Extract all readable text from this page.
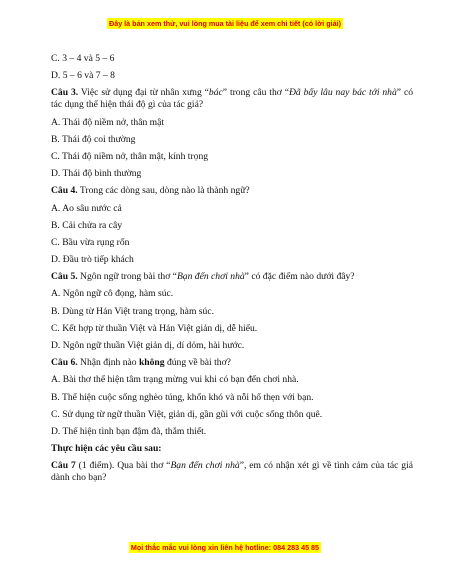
Đây là bản xem thử, vui lòng mua tài liệu để xem chi tiết (có lời giải)

C. 3 – 4 và 5 – 6

D. 5 – 6 và 7 – 8

Câu 3. Việc sử dụng đại từ nhân xưng “bác” trong câu thơ “Đã bấy lâu nay bác tới nhà” có tác dụng thể hiện thái độ gì của tác giả?

A. Thái độ niềm nở, thân mật

B. Thái độ coi thường

C. Thái độ niềm nở, thân mật, kính trọng

D. Thái độ bình thường

Câu 4. Trong các dòng sau, dòng nào là thành ngữ?

A. Ao sâu nước cả

B. Cải chửa ra cây

C. Bầu vừa rụng rốn

D. Đầu trò tiếp khách

Câu 5. Ngôn ngữ trong bài thơ “Bạn đến chơi nhà” có đặc điểm nào dưới đây?

A. Ngôn ngữ cô đọng, hàm súc.

B. Dùng từ Hán Việt trang trọng, hàm súc.

C. Kết hợp từ thuần Việt và Hán Việt giản dị, dễ hiểu.

D. Ngôn ngữ thuần Việt giản dị, dí dỏm, hài hước.

Câu 6. Nhận định nào không đúng về bài thơ?

A. Bài thơ thể hiện tâm trạng mừng vui khi có bạn đến chơi nhà.

B. Thể hiện cuộc sống nghèo túng, khốn khó và nỗi hổ thẹn với bạn.

C. Sử dụng từ ngữ thuần Việt, giản dị, gần gũi với cuộc sống thôn quê.

D. Thể hiện tình bạn đậm đà, thắm thiết.

Thực hiện các yêu cầu sau:

Câu 7 (1 điểm). Qua bài thơ “Bạn đến chơi nhà”, em có nhận xét gì về tình cảm của tác giả dành cho bạn?

Mọi thắc mắc vui lòng xin liên hệ hotline: 084 283 45 85
